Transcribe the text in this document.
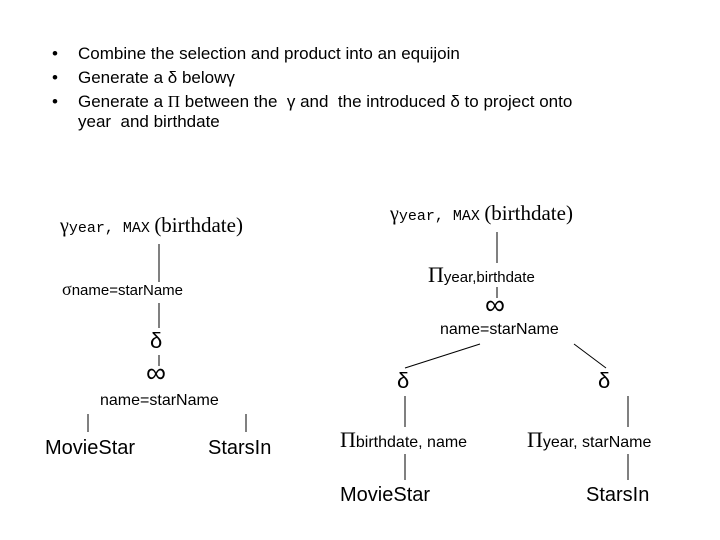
• Combine the selection and product into an equijoin
• Generate a δ belowγ
• Generate a Π between the  γ and  the introduced δ to project onto
year  and birthdate
γyear, MAX (birthdate)
σname=starName
δ
∞
name=starName
MovieStar	StarsIn
γyear, MAX (birthdate)
Πyear,birthdate
∞
name=starName
δ	δ
Πbirthdate, name	Πyear, starName
MovieStar	StarsIn
